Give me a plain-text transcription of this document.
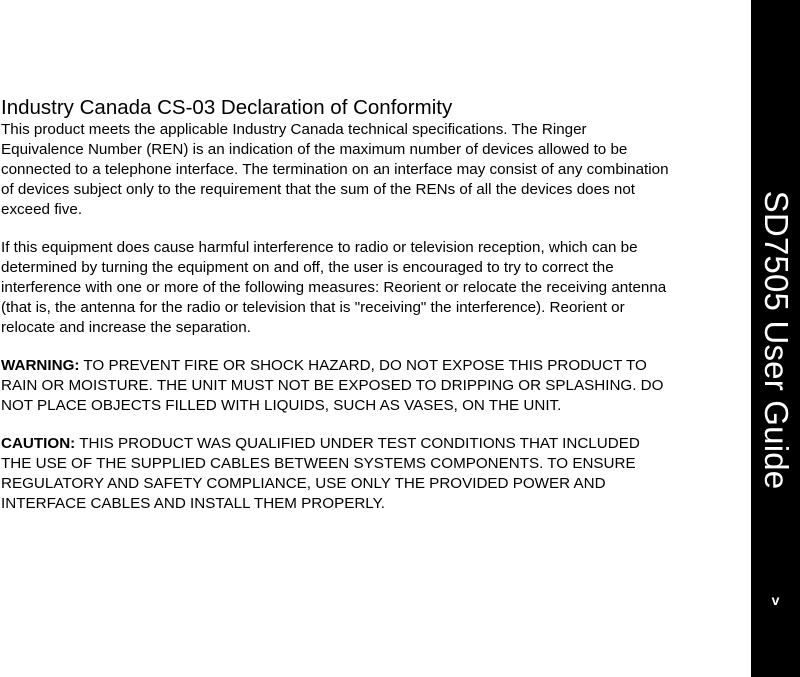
Industry Canada CS-03 Declaration of Conformity

This product meets the applicable Industry Canada technical specifications. The Ringer Equivalence Number (REN) is an indication of the maximum number of devices allowed to be connected to a telephone interface. The termination on an interface may consist of any combination of devices subject only to the requirement that the sum of the RENs of all the devices does not exceed five.

If this equipment does cause harmful interference to radio or television reception, which can be determined by turning the equipment on and off, the user is encouraged to try to correct the interference with one or more of the following measures: Reorient or relocate the receiving antenna (that is, the antenna for the radio or television that is "receiving" the interference). Reorient or relocate and increase the separation.

WARNING: TO PREVENT FIRE OR SHOCK HAZARD, DO NOT EXPOSE THIS PRODUCT TO RAIN OR MOISTURE. THE UNIT MUST NOT BE EXPOSED TO DRIPPING OR SPLASHING. DO NOT PLACE OBJECTS FILLED WITH LIQUIDS, SUCH AS VASES, ON THE UNIT.

CAUTION: THIS PRODUCT WAS QUALIFIED UNDER TEST CONDITIONS THAT INCLUDED THE USE OF THE SUPPLIED CABLES BETWEEN SYSTEMS COMPONENTS. TO ENSURE REGULATORY AND SAFETY COMPLIANCE, USE ONLY THE PROVIDED POWER AND INTERFACE CABLES AND INSTALL THEM PROPERLY.

SD7505 User Guide
v
